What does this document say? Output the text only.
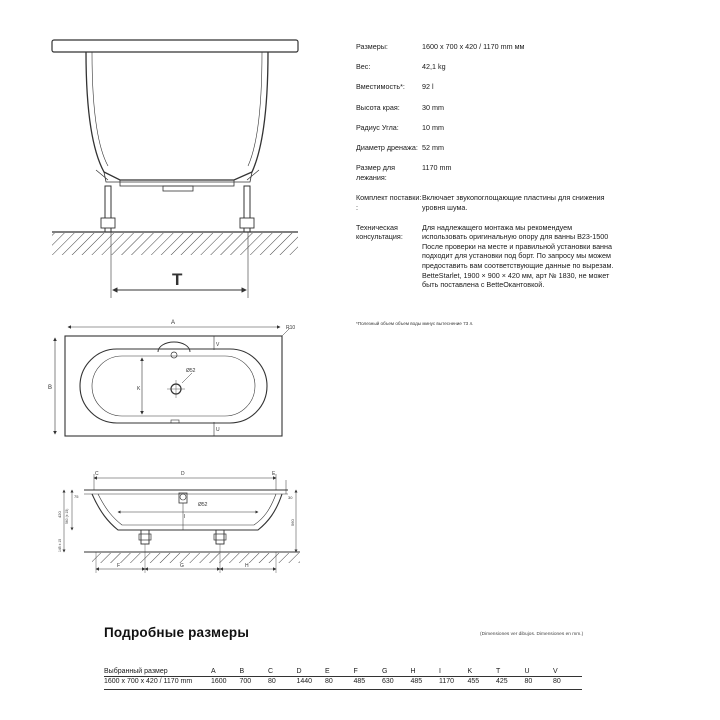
T
A
B
R10
K
V
U
Ø52
D
C	E
I
Ø52
F	G	H
30
75
560
420 560 (± 15)
145 ± 15
Размеры:	1600 x 700 x 420 / 1170 mm мм
Вес:	42,1 kg
Вместимость*:	92 l
Высота края:	30 mm
Радиус Угла:	10 mm
Диаметр дренажа: 52 mm
Размер для лежания:
1170 mm
Комплект поставки: :
Включает звукопоглощающие пластины для снижения уровня шума.
Техническая консультация:
Для надлежащего монтажа мы рекомендуем использовать оригинальную опору для ванны B23-1500
После проверки на месте и правильной установки ванна подходит для установки под борт. По запросу мы можем предоставить вам соответствующие данные по вырезам.
BetteStarlet, 1900 × 900 × 420 мм, арт № 1830, не может быть поставлена с BetteОкантовкой.
*Полезный объем объем воды минус вытеснение 73 л.
Подробные размеры	(Dimensiones ver dibujos. Dimensiones en mm.)
Выбранный размер	A	B	C	D	E	F	G	H	I	K	T	U	V
1600 x 700 x 420 / 1170 mm	1600	700	80	1440	80	485	630	485	1170	455	425	80	80
